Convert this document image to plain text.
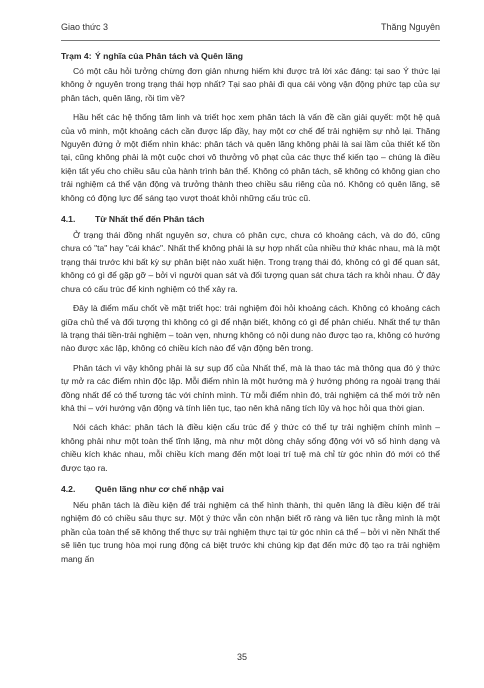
Giao thức 3	Thăng Nguyên
Trạm 4: Ý nghĩa của Phân tách và Quên lãng

Có một câu hỏi tưởng chừng đơn giản nhưng hiếm khi được trả lời xác đáng: tại sao Ý thức lại không ở nguyên trong trạng thái hợp nhất? Tại sao phải đi qua cái vòng vận động phức tạp của sự phân tách, quên lãng, rồi tìm về?

Hầu hết các hệ thống tâm linh và triết học xem phân tách là vấn đề cần giải quyết: một hệ quả của vô minh, một khoảng cách cần được lấp đầy, hay một cơ chế để trải nghiệm sự nhỏ lại. Thăng Nguyên đứng ở một điểm nhìn khác: phân tách và quên lãng không phải là sai lầm của thiết kế tồn tại, cũng không phải là một cuộc chơi vô thưởng vô phạt của các thực thể kiến tạo – chúng là điều kiện tất yếu cho chiều sâu của hành trình bản thể. Không có phân tách, sẽ không có không gian cho trải nghiệm cá thể vận động và trưởng thành theo chiều sâu riêng của nó. Không có quên lãng, sẽ không có động lực để sáng tạo vượt thoát khỏi những cấu trúc cũ.

4.1.	Từ Nhất thể đến Phân tách

Ở trạng thái đồng nhất nguyên sơ, chưa có phân cực, chưa có khoảng cách, và do đó, cũng chưa có "ta" hay "cái khác". Nhất thể không phải là sự hợp nhất của nhiều thứ khác nhau, mà là một trạng thái trước khi bất kỳ sự phân biệt nào xuất hiện. Trong trạng thái đó, không có gì để quan sát, không có gì để gặp gỡ – bởi vì người quan sát và đối tượng quan sát chưa tách ra khỏi nhau. Ở đây chưa có cấu trúc để kinh nghiệm có thể xảy ra.

Đây là điểm mấu chốt về mặt triết học: trải nghiệm đòi hỏi khoảng cách. Không có khoảng cách giữa chủ thể và đối tượng thì không có gì để nhận biết, không có gì để phản chiếu. Nhất thể tự thân là trạng thái tiền-trải nghiệm – toàn vẹn, nhưng không có nội dung nào được tạo ra, không có hướng nào được xác lập, không có chiều kích nào để vận động bên trong.

Phân tách vì vậy không phải là sự sụp đổ của Nhất thể, mà là thao tác mà thông qua đó ý thức tự mở ra các điểm nhìn độc lập. Mỗi điểm nhìn là một hướng mà ý hướng phóng ra ngoài trạng thái đồng nhất để có thể tương tác với chính mình. Từ mỗi điểm nhìn đó, trải nghiệm cá thể mới trở nên khả thi – với hướng vận động và tính liên tục, tạo nên khả năng tích lũy và học hỏi qua thời gian.

Nói cách khác: phân tách là điều kiện cấu trúc để ý thức có thể tự trải nghiệm chính mình – không phải như một toàn thể tĩnh lặng, mà như một dòng chảy sống động với vô số hình dạng và chiều kích khác nhau, mỗi chiều kích mang đến một loại trí tuệ mà chỉ từ góc nhìn đó mới có thể được tạo ra.

4.2.	Quên lãng như cơ chế nhập vai

Nếu phân tách là điều kiện để trải nghiệm cá thể hình thành, thì quên lãng là điều kiện để trải nghiệm đó có chiều sâu thực sự. Một ý thức vẫn còn nhận biết rõ ràng và liên tục rằng mình là một phần của toàn thể sẽ không thể thực sự trải nghiệm thực tại từ góc nhìn cá thể – bởi vì nền Nhất thể sẽ liên tục trung hòa mọi rung động cá biệt trước khi chúng kịp đạt đến mức độ tạo ra trải nghiệm mang ấn

35
